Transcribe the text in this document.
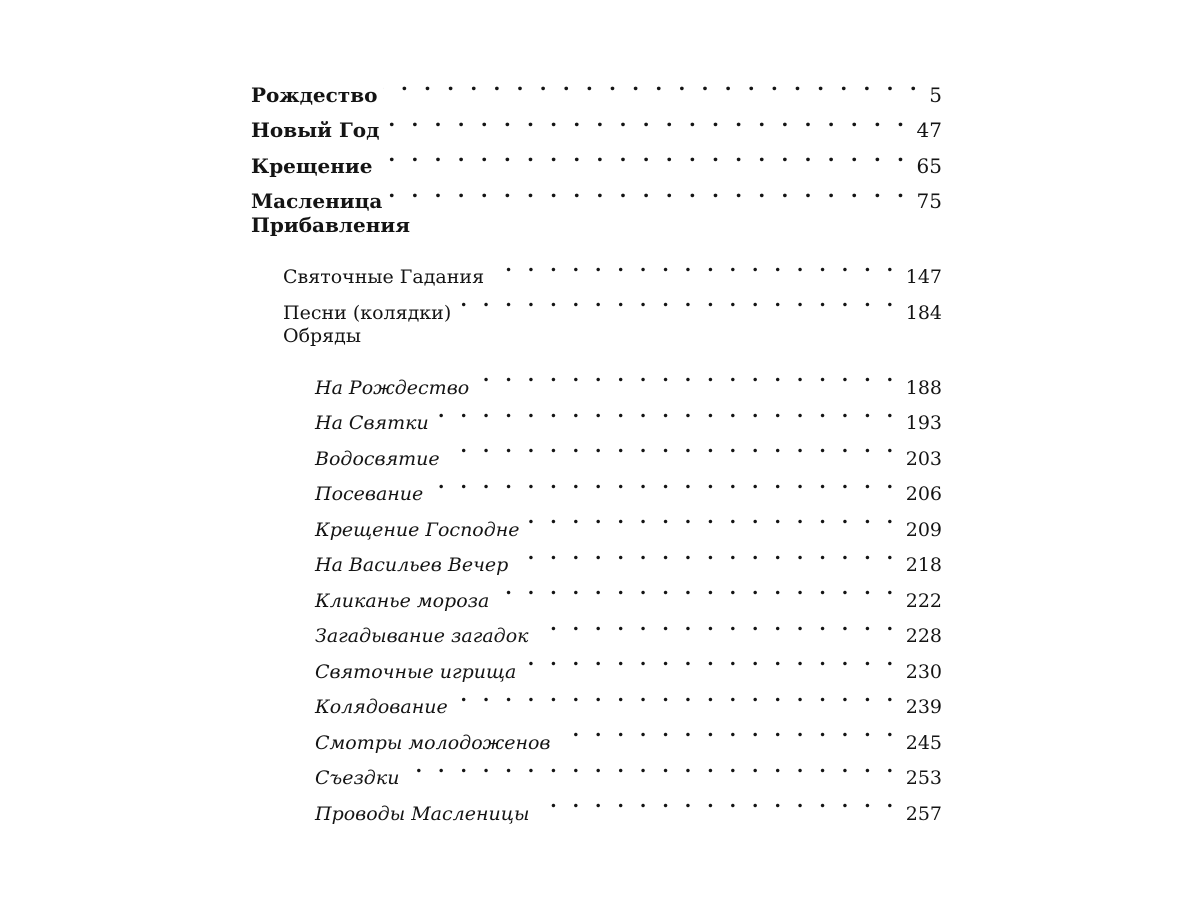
Рождество . . .	5
Новый Год . . .	47
Крещение . . .	65
Масленица . . .	75
Прибавления
Святочные Гадания . . .	147
Песни (колядки) . . .	184
Обряды
На Рождество . . .	188
На Святки . . .	193
Водосвятие . . .	203
Посевание . . .	206
Крещение Господне . . .	209
На Васильев Вечер . . .	218
Кликанье мороза . . .	222
Загадывание загадок . . .	228
Святочные игрища . . .	230
Колядование . . .	239
Смотры молодоженов . . .	245
Съездки . . .	253
Проводы Масленицы . . .	257
